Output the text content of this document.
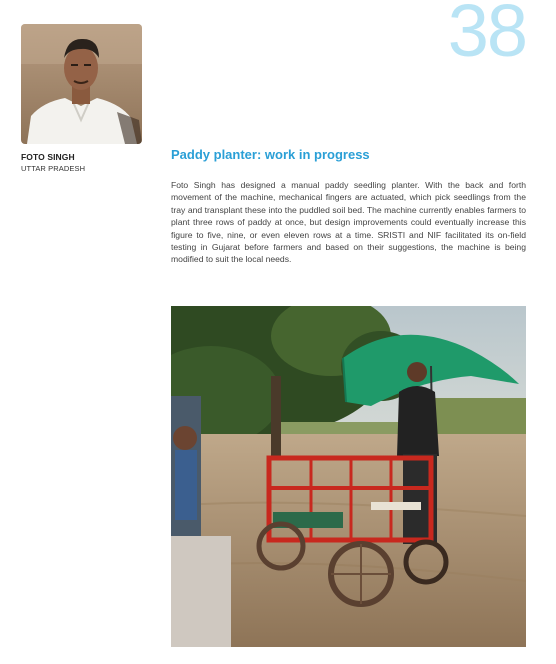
38
FOTO SINGH
UTTAR PRADESH
Paddy planter: work in progress

Foto Singh has designed a manual paddy seedling planter. With the back and forth movement of the machine, mechanical fingers are actuated, which pick seedlings from the tray and transplant these into the puddled soil bed. The machine currently enables farmers to plant three rows of paddy at once, but design improvements could eventually increase this figure to five, nine, or even eleven rows at a time. SRISTI and NIF facilitated its on-field testing in Gujarat before farmers and based on their suggestions, the machine is being modified to suit the local needs.
